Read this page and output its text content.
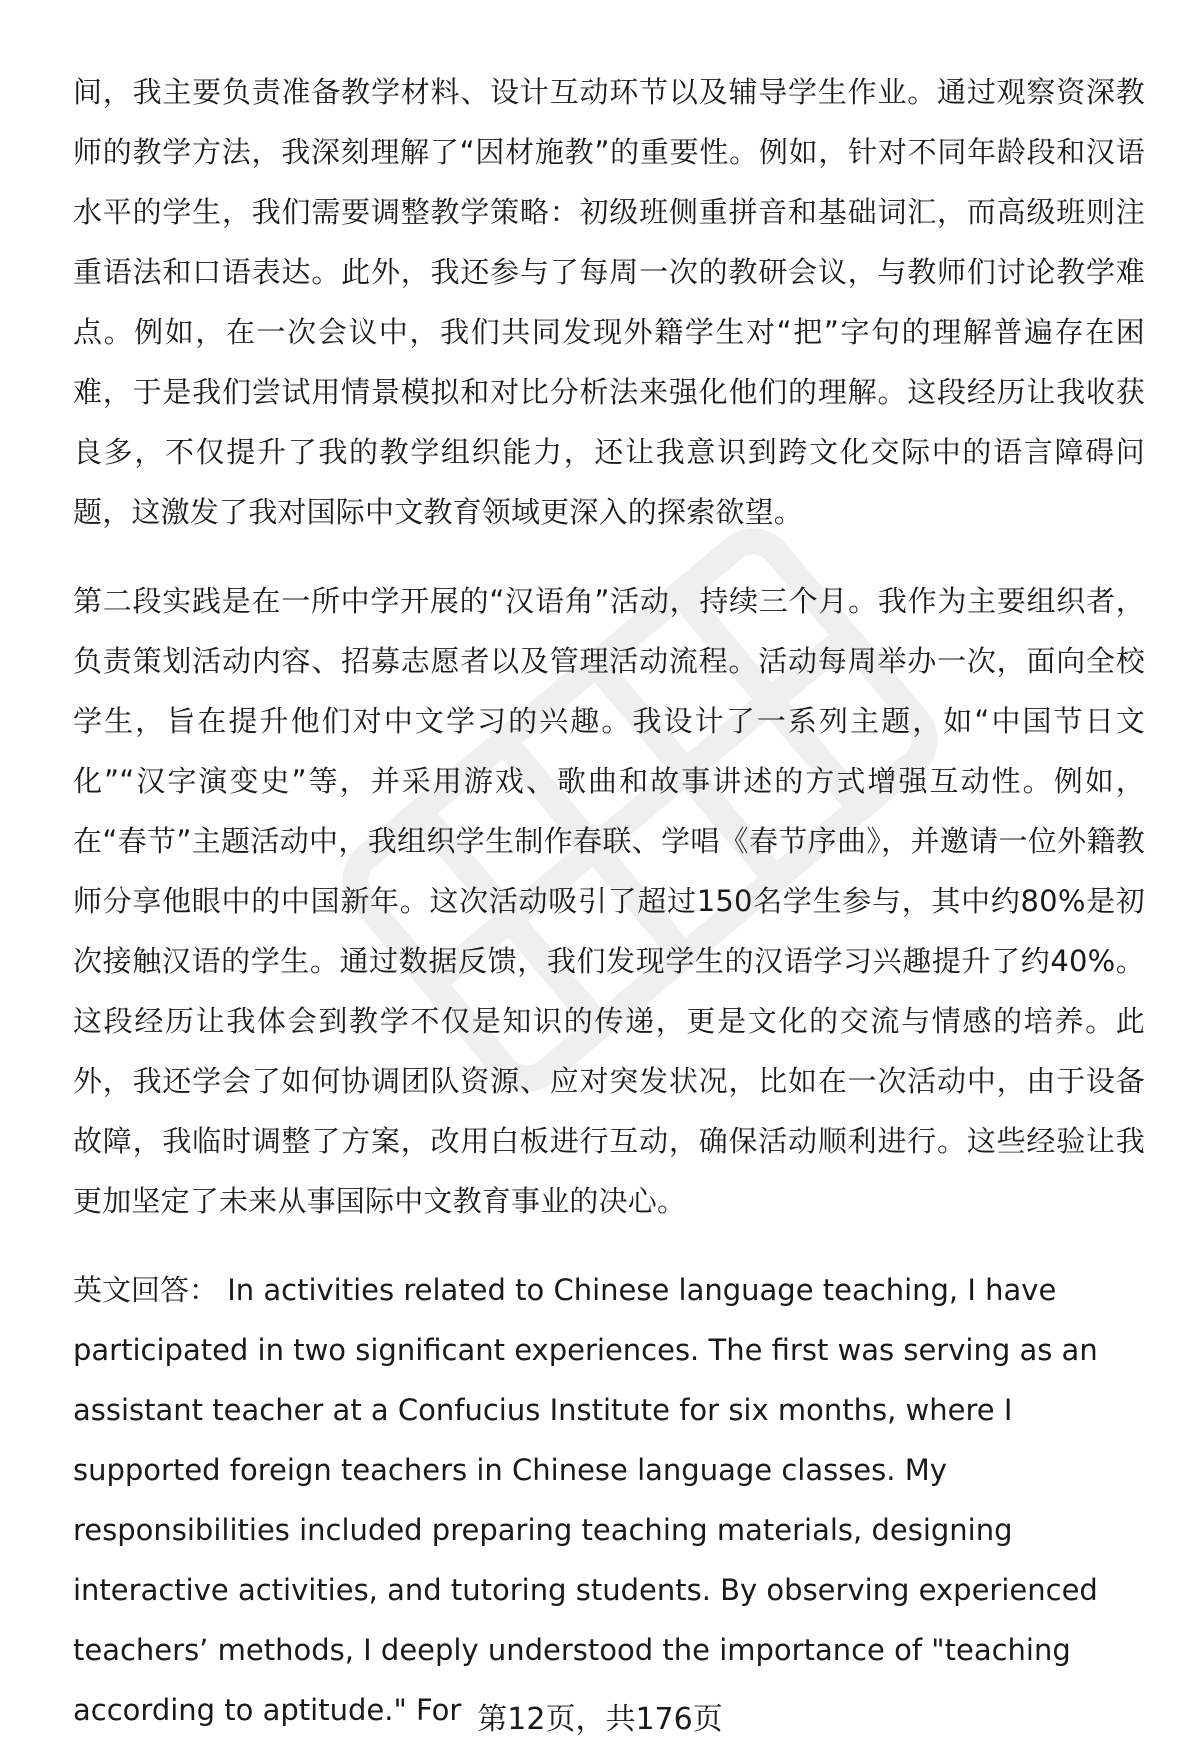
间，我主要负责准备教学材料、设计互动环节以及辅导学生作业。通过观察资深教师的教学方法，我深刻理解了“因材施教”的重要性。例如，针对不同年龄段和汉语水平的学生，我们需要调整教学策略：初级班侧重拼音和基础词汇，而高级班则注重语法和口语表达。此外，我还参与了每周一次的教研会议，与教师们讨论教学难点。例如，在一次会议中，我们共同发现外籍学生对“把”字句的理解普遍存在困难，于是我们尝试用情景模拟和对比分析法来强化他们的理解。这段经历让我收获良多，不仅提升了我的教学组织能力，还让我意识到跨文化交际中的语言障碍问题，这激发了我对国际中文教育领域更深入的探索欲望。

第二段实践是在一所中学开展的“汉语角”活动，持续三个月。我作为主要组织者，负责策划活动内容、招募志愿者以及管理活动流程。活动每周举办一次，面向全校学生，旨在提升他们对中文学习的兴趣。我设计了一系列主题，如“中国节日文化”“汉字演变史”等，并采用游戏、歌曲和故事讲述的方式增强互动性。例如，在“春节”主题活动中，我组织学生制作春联、学唱《春节序曲》，并邀请一位外籍教师分享他眼中的中国新年。这次活动吸引了超过150名学生参与，其中约80%是初次接触汉语的学生。通过数据反馈，我们发现学生的汉语学习兴趣提升了约40%。这段经历让我体会到教学不仅是知识的传递，更是文化的交流与情感的培养。此外，我还学会了如何协调团队资源、应对突发状况，比如在一次活动中，由于设备故障，我临时调整了方案，改用白板进行互动，确保活动顺利进行。这些经验让我更加坚定了未来从事国际中文教育事业的决心。

英文回答： In activities related to Chinese language teaching, I have participated in two significant experiences. The first was serving as an assistant teacher at a Confucius Institute for six months, where I supported foreign teachers in Chinese language classes. My responsibilities included preparing teaching materials, designing interactive activities, and tutoring students. By observing experienced teachers’ methods, I deeply understood the importance of "teaching according to aptitude." For 第12页，共176页
